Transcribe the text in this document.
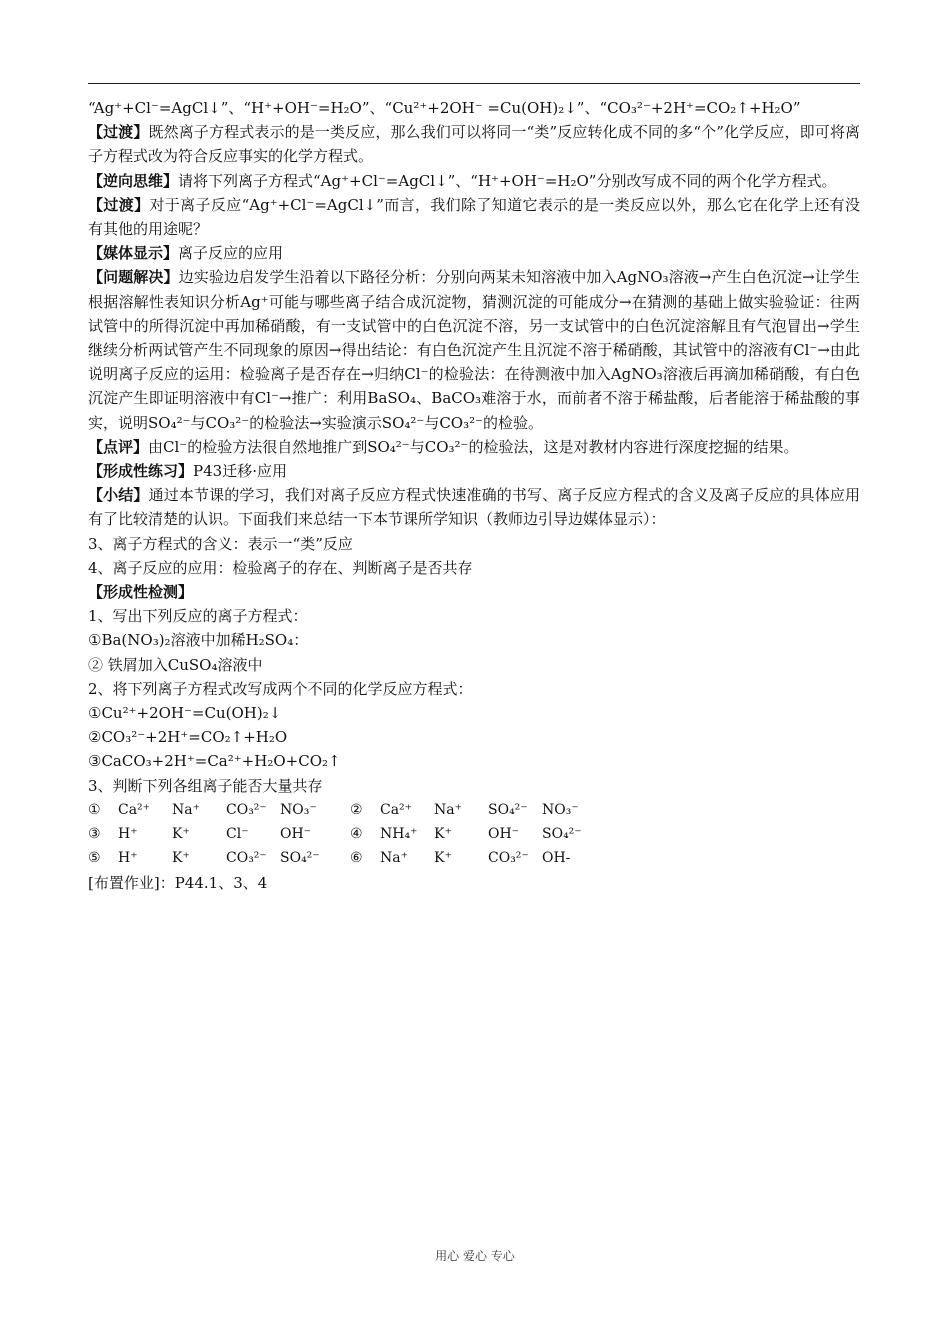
“Ag⁺+Cl⁻=AgCl↓”、“H⁺+OH⁻=H₂O”、“Cu²⁺+2OH⁻ =Cu(OH)₂↓”、“CO₃²⁻+2H⁺=CO₂↑+H₂O”
【过渡】既然离子方程式表示的是一类反应，那么我们可以将同一“类”反应转化成不同的多“个”化学反应，即可将离子方程式改为符合反应事实的化学方程式。
【逆向思维】请将下列离子方程式“Ag⁺+Cl⁻=AgCl↓”、“H⁺+OH⁻=H₂O”分别改写成不同的两个化学方程式。
【过渡】对于离子反应“Ag⁺+Cl⁻=AgCl↓”而言，我们除了知道它表示的是一类反应以外，那么它在化学上还有没有其他的用途呢？
【媒体显示】离子反应的应用
【问题解决】边实验边启发学生沿着以下路径分析：分别向两某未知溶液中加入AgNO₃溶液→产生白色沉淀→让学生根据溶解性表知识分析Ag⁺可能与哪些离子结合成沉淀物，猜测沉淀的可能成分→在猜测的基础上做实验验证：往两试管中的所得沉淀中再加稀硝酸，有一支试管中的白色沉淀不溶，另一支试管中的白色沉淀溶解且有气泡冒出→学生继续分析两试管产生不同现象的原因→得出结论：有白色沉淀产生且沉淀不溶于稀硝酸，其试管中的溶液有Cl⁻→由此说明离子反应的运用：检验离子是否存在→归纳Cl⁻的检验法：在待测液中加入AgNO₃溶液后再滴加稀硝酸，有白色沉淀产生即证明溶液中有Cl⁻→推广：利用BaSO₄、BaCO₃难溶于水，而前者不溶于稀盐酸，后者能溶于稀盐酸的事实，说明SO₄²⁻与CO₃²⁻的检验法→实验演示SO₄²⁻与CO₃²⁻的检验。
【点评】由Cl⁻的检验方法很自然地推广到SO₄²⁻与CO₃²⁻的检验法，这是对教材内容进行深度挖掘的结果。
【形成性练习】P43迁移·应用
【小结】通过本节课的学习，我们对离子反应方程式快速准确的书写、离子反应方程式的含义及离子反应的具体应用有了比较清楚的认识。下面我们来总结一下本节课所学知识（教师边引导边媒体显示）：
3、离子方程式的含义：表示一“类”反应
4、离子反应的应用：检验离子的存在、判断离子是否共存
【形成性检测】
1、写出下列反应的离子方程式：
①Ba(NO₃)₂溶液中加稀H₂SO₄：
② 铁屑加入CuSO₄溶液中
2、将下列离子方程式改写成两个不同的化学反应方程式：
①Cu²⁺+2OH⁻=Cu(OH)₂↓
②CO₃²⁻+2H⁺=CO₂↑+H₂O
③CaCO₃+2H⁺=Ca²⁺+H₂O+CO₂↑
3、判断下列各组离子能否大量共存
①	Ca²⁺	Na⁺	CO₃²⁻ NO₃⁻	②	Ca²⁺	Na⁺	SO₄²⁻	NO₃⁻
③	H⁺	K⁺	Cl⁻	OH⁻	④	NH₄⁺	K⁺	OH⁻	SO₄²⁻
⑤	H⁺	K⁺	CO₃²⁻ SO₄²⁻	⑥	Na⁺	K⁺	CO₃²⁻ OH-
[布置作业]：P44.1、3、4
用心 爱心 专心
